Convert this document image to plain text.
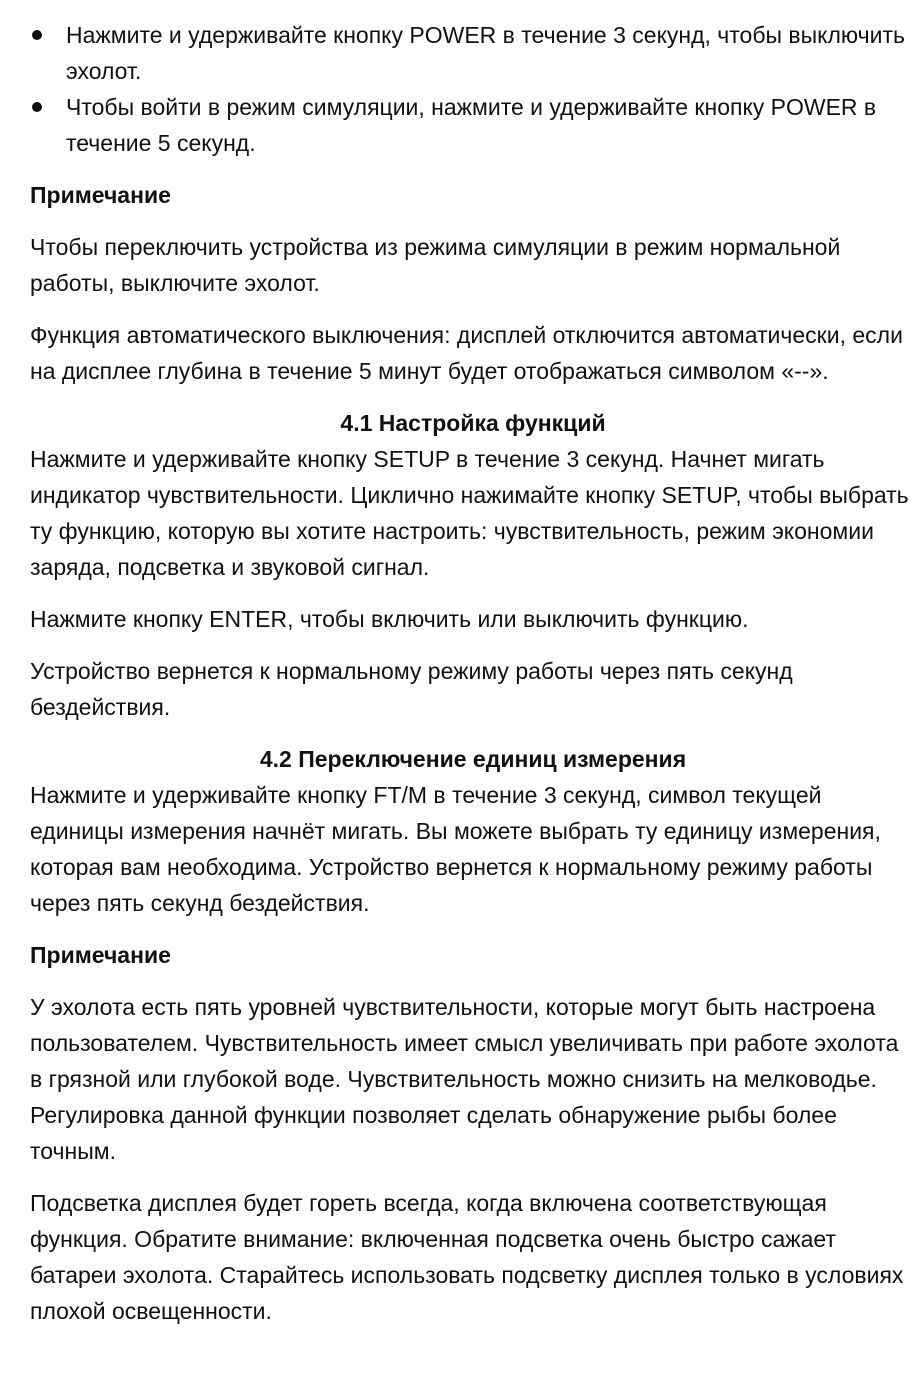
Нажмите и удерживайте кнопку POWER в течение 3 секунд, чтобы выключить эхолот.
Чтобы войти в режим симуляции, нажмите и удерживайте кнопку POWER в течение 5 секунд.

Примечание

Чтобы переключить устройства из режима симуляции в режим нормальной работы, выключите эхолот.

Функция автоматического выключения: дисплей отключится автоматически, если на дисплее глубина в течение 5 минут будет отображаться символом «--».

4.1 Настройка функций

Нажмите и удерживайте кнопку SETUP в течение 3 секунд. Начнет мигать индикатор чувствительности. Циклично нажимайте кнопку SETUP, чтобы выбрать ту функцию, которую вы хотите настроить: чувствительность, режим экономии заряда, подсветка и звуковой сигнал.

Нажмите кнопку ENTER, чтобы включить или выключить функцию.

Устройство вернется к нормальному режиму работы через пять секунд бездействия.

4.2 Переключение единиц измерения

Нажмите и удерживайте кнопку FT/M в течение 3 секунд, символ текущей единицы измерения начнёт мигать. Вы можете выбрать ту единицу измерения, которая вам необходима. Устройство вернется к нормальному режиму работы через пять секунд бездействия.

Примечание

У эхолота есть пять уровней чувствительности, которые могут быть настроена пользователем. Чувствительность имеет смысл увеличивать при работе эхолота в грязной или глубокой воде. Чувствительность можно снизить на мелководье. Регулировка данной функции позволяет сделать обнаружение рыбы более точным.

Подсветка дисплея будет гореть всегда, когда включена соответствующая функция. Обратите внимание: включенная подсветка очень быстро сажает батареи эхолота. Старайтесь использовать подсветку дисплея только в условиях плохой освещенности.
